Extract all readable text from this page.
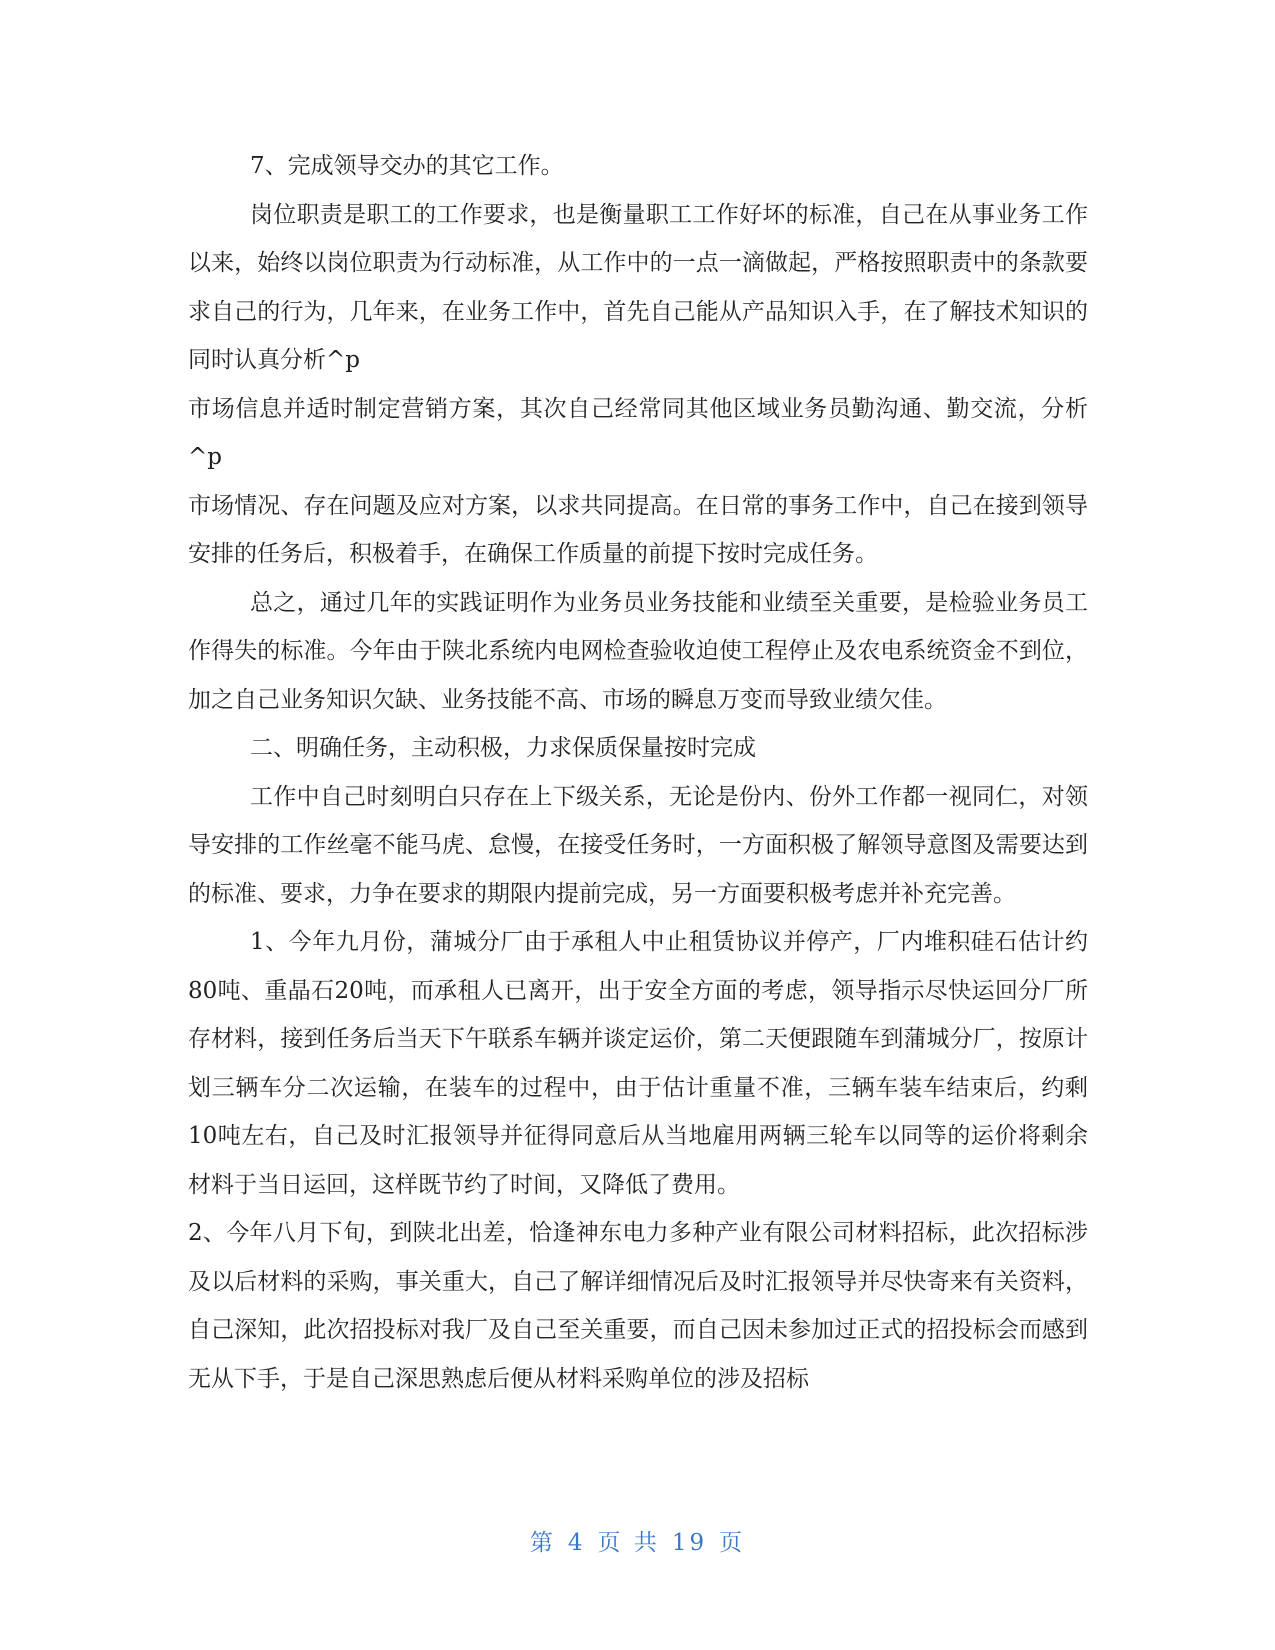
7、完成领导交办的其它工作。

岗位职责是职工的工作要求，也是衡量职工工作好坏的标准，自己在从事业务工作以来，始终以岗位职责为行动标准，从工作中的一点一滴做起，严格按照职责中的条款要求自己的行为，几年来，在业务工作中，首先自己能从产品知识入手，在了解技术知识的同时认真分析^p

市场信息并适时制定营销方案，其次自己经常同其他区域业务员勤沟通、勤交流，分析^p

市场情况、存在问题及应对方案，以求共同提高。在日常的事务工作中，自己在接到领导安排的任务后，积极着手，在确保工作质量的前提下按时完成任务。

总之，通过几年的实践证明作为业务员业务技能和业绩至关重要，是检验业务员工作得失的标准。今年由于陕北系统内电网检查验收迫使工程停止及农电系统资金不到位，加之自己业务知识欠缺、业务技能不高、市场的瞬息万变而导致业绩欠佳。

二、明确任务，主动积极，力求保质保量按时完成

工作中自己时刻明白只存在上下级关系，无论是份内、份外工作都一视同仁，对领导安排的工作丝毫不能马虎、怠慢，在接受任务时，一方面积极了解领导意图及需要达到的标准、要求，力争在要求的期限内提前完成，另一方面要积极考虑并补充完善。

1、今年九月份，蒲城分厂由于承租人中止租赁协议并停产，厂内堆积硅石估计约80吨、重晶石20吨，而承租人已离开，出于安全方面的考虑，领导指示尽快运回分厂所存材料，接到任务后当天下午联系车辆并谈定运价，第二天便跟随车到蒲城分厂，按原计划三辆车分二次运输，在装车的过程中，由于估计重量不准，三辆车装车结束后，约剩10吨左右，自己及时汇报领导并征得同意后从当地雇用两辆三轮车以同等的运价将剩余材料于当日运回，这样既节约了时间，又降低了费用。

2、今年八月下旬，到陕北出差，恰逢神东电力多种产业有限公司材料招标，此次招标涉及以后材料的采购，事关重大，自己了解详细情况后及时汇报领导并尽快寄来有关资料，自己深知，此次招投标对我厂及自己至关重要，而自己因未参加过正式的招投标会而感到无从下手，于是自己深思熟虑后便从材料采购单位的涉及招标

第 4 页 共 19 页
